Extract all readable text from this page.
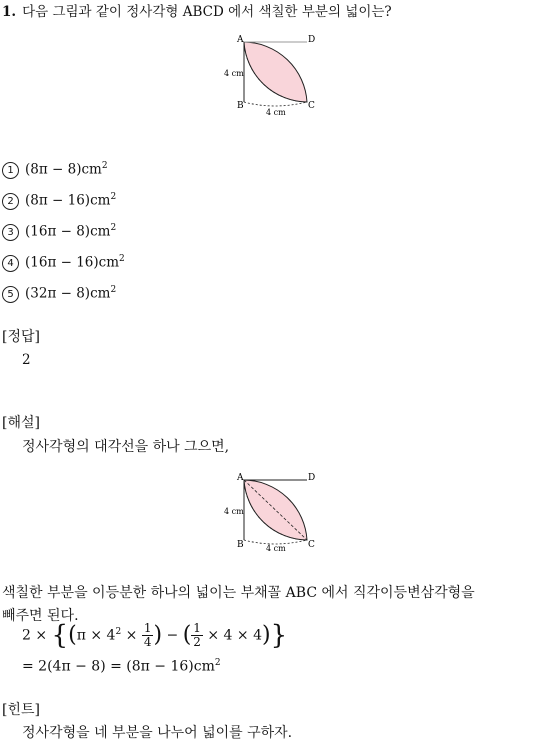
1. 다음 그림과 같이 정사각형 ABCD 에서 색칠한 부분의 넓이는?
A	D
B	C
4 cm
4 cm
1 $(8\pi - 8)cm^2$
2 $(8\pi - 16)cm^2$
3 $(16\pi - 8)cm^2$
4 $(16\pi - 16)cm^2$
5 $(32\pi - 8)cm^2$
[정답]
2
[해설]
정사각형의 대각선을 하나 그으면,
A	D
B	C
4 cm
4 cm
색칠한 부분을 이등분한 하나의 넓이는 부채꼴 ABC 에서 직각이등변삼각형을
빼주면 된다.
$2 \times \{(\pi \times 4^2 \times \frac{1}{4}$ ) − ( $\frac{1}{2} \times 4 \times 4$)}
= $2(4\pi - 8) = (8\pi - 16)cm^2$
[힌트]
정사각형을 네 부분을 나누어 넓이를 구하자.
